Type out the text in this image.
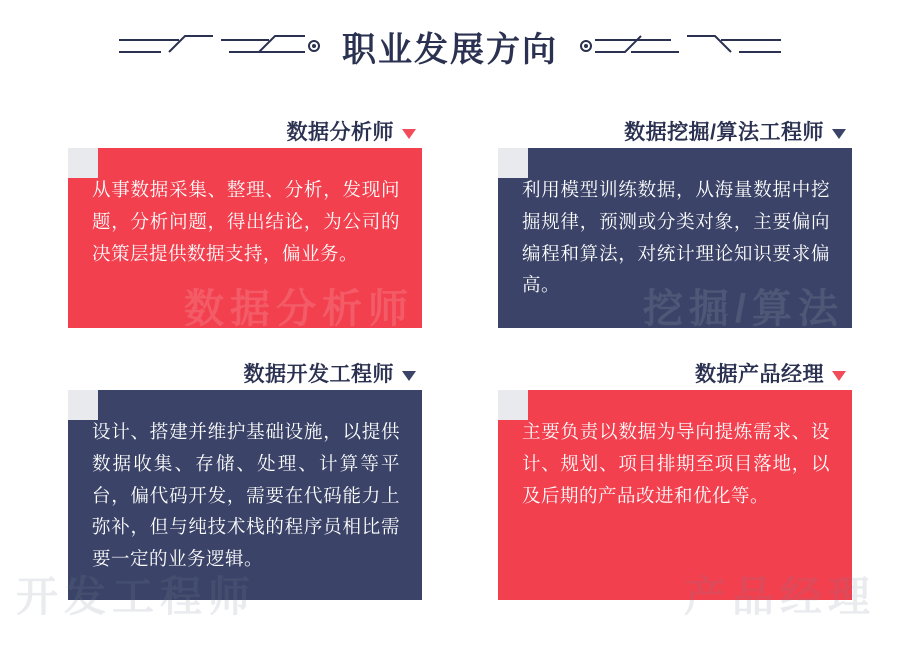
职业发展方向
数据分析师
从事数据采集、整理、分析，发现问题，分析问题，得出结论，为公司的决策层提供数据支持，偏业务。
数据分析师
数据挖掘/算法工程师
利用模型训练数据，从海量数据中挖掘规律，预测或分类对象，主要偏向编程和算法，对统计理论知识要求偏高。
挖掘/算法
数据开发工程师
设计、搭建并维护基础设施，以提供数据收集、存储、处理、计算等平台，偏代码开发，需要在代码能力上弥补，但与纯技术栈的程序员相比需要一定的业务逻辑。
开发工程师
数据产品经理
主要负责以数据为导向提炼需求、设计、规划、项目排期至项目落地，以及后期的产品改进和优化等。
产品经理
